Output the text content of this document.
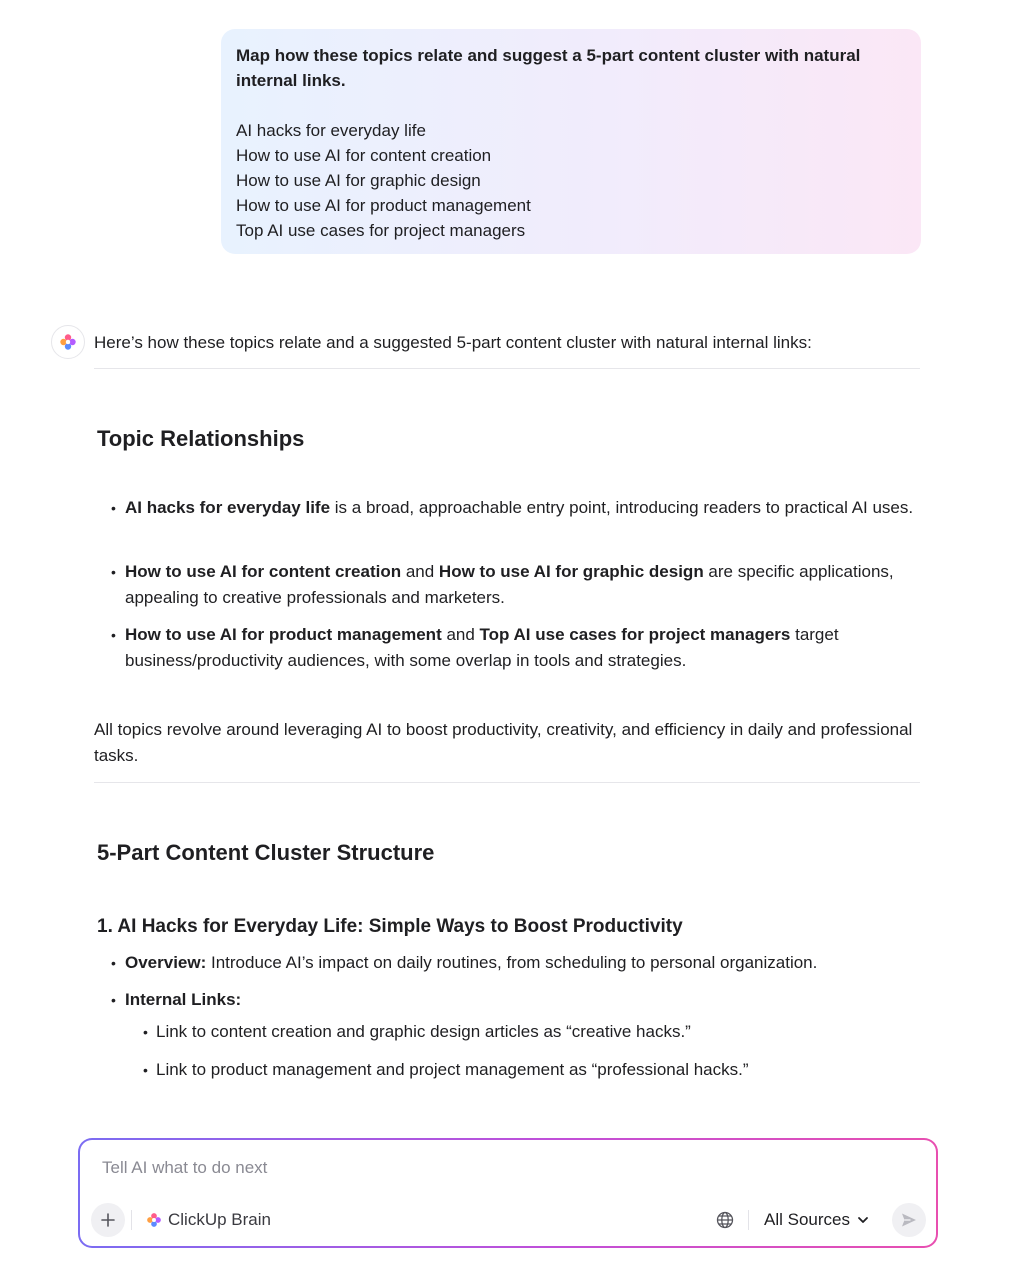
Map how these topics relate and suggest a 5-part content cluster with natural internal links.
AI hacks for everyday life
How to use AI for content creation
How to use AI for graphic design
How to use AI for product management
Top AI use cases for project managers

Here’s how these topics relate and a suggested 5-part content cluster with natural internal links:

Topic Relationships
• AI hacks for everyday life is a broad, approachable entry point, introducing readers to practical AI uses.
• How to use AI for content creation and How to use AI for graphic design are specific applications, appealing to creative professionals and marketers.
• How to use AI for product management and Top AI use cases for project managers target business/productivity audiences, with some overlap in tools and strategies.

All topics revolve around leveraging AI to boost productivity, creativity, and efficiency in daily and professional tasks.

5-Part Content Cluster Structure
1. AI Hacks for Everyday Life: Simple Ways to Boost Productivity
• Overview: Introduce AI’s impact on daily routines, from scheduling to personal organization.
• Internal Links:
• Link to content creation and graphic design articles as “creative hacks.”
• Link to product management and project management as “professional hacks.”
Tell AI what to do next
ClickUp Brain	All Sources
